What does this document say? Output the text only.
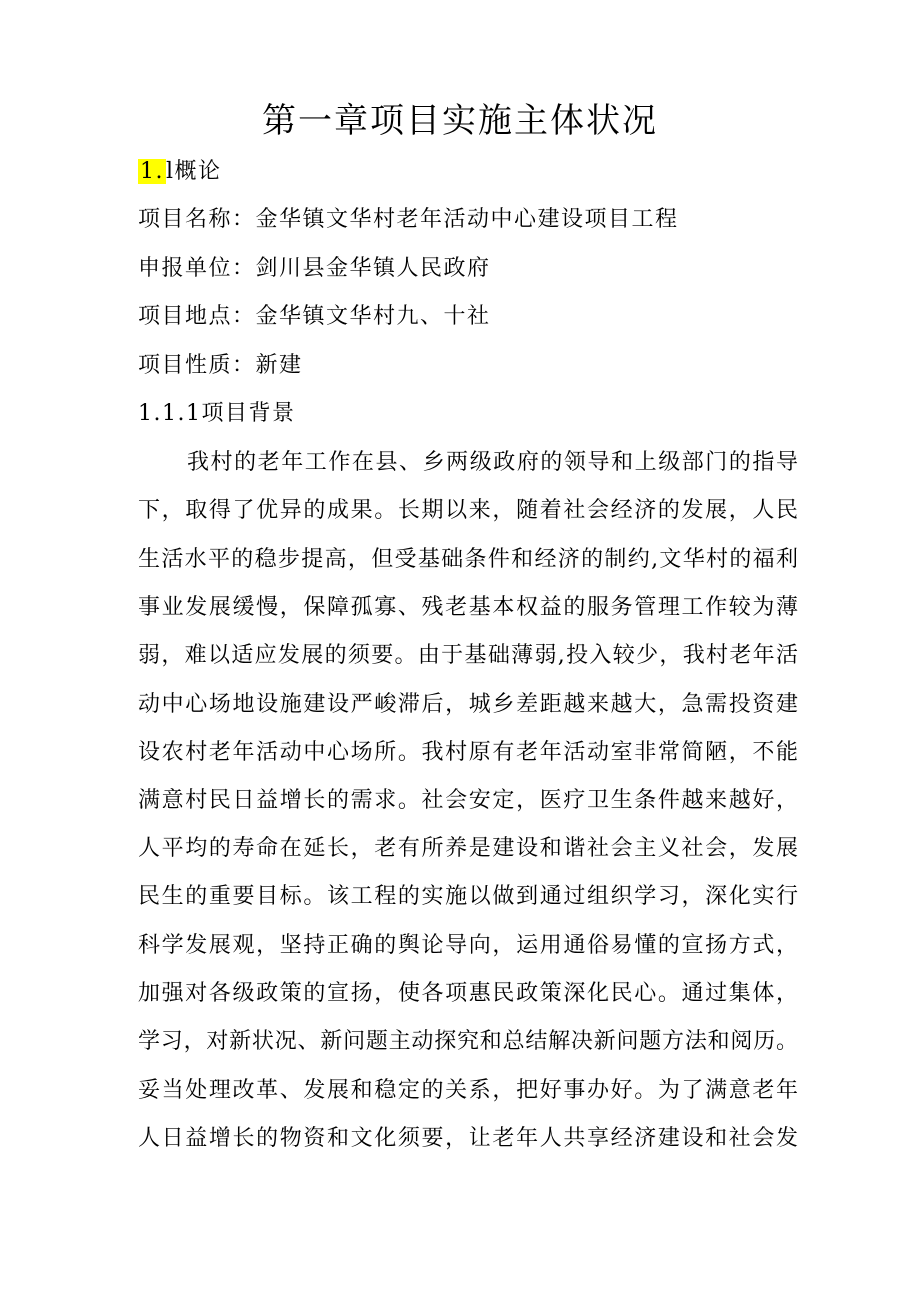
第一章项目实施主体状况
1.l概论
项目名称：金华镇文华村老年活动中心建设项目工程
申报单位：剑川县金华镇人民政府
项目地点：金华镇文华村九、十社
项目性质：新建
1.1.1项目背景
我村的老年工作在县、乡两级政府的领导和上级部门的指导
下，取得了优异的成果。长期以来，随着社会经济的发展，人民
生活水平的稳步提高，但受基础条件和经济的制约,文华村的福利
事业发展缓慢，保障孤寡、残老基本权益的服务管理工作较为薄
弱，难以适应发展的须要。由于基础薄弱,投入较少，我村老年活
动中心场地设施建设严峻滞后，城乡差距越来越大，急需投资建
设农村老年活动中心场所。我村原有老年活动室非常简陋，不能
满意村民日益增长的需求。社会安定，医疗卫生条件越来越好，
人平均的寿命在延长，老有所养是建设和谐社会主义社会，发展
民生的重要目标。该工程的实施以做到通过组织学习，深化实行
科学发展观，坚持正确的舆论导向，运用通俗易懂的宣扬方式，
加强对各级政策的宣扬，使各项惠民政策深化民心。通过集体，
学习，对新状况、新问题主动探究和总结解决新问题方法和阅历。
妥当处理改革、发展和稳定的关系，把好事办好。为了满意老年
人日益增长的物资和文化须要，让老年人共享经济建设和社会发
